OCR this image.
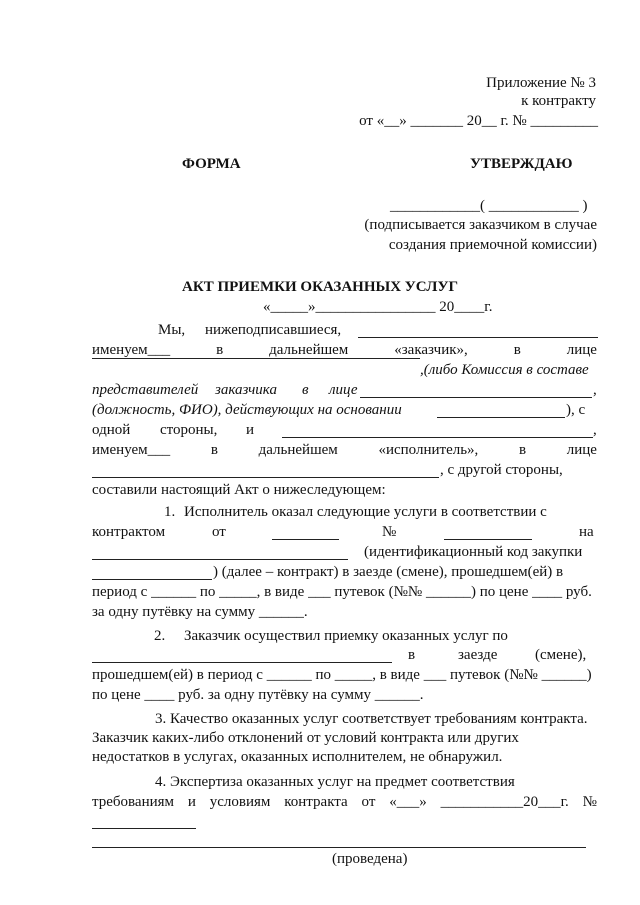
Приложение № 3
к контракту
от «__» _______ 20__ г. № _________
ФОРМА	УТВЕРЖДАЮ
____________( ____________ )
(подписывается заказчиком в случае
создания приемочной комиссии)
АКТ ПРИЕМКИ ОКАЗАННЫХ УСЛУГ
«_____»________________ 20____г.
Мы, нижеподписавшиеся,
именуем___	в	дальнейшем	«заказчик»,	в	лице
,(либо Комиссия в составе
представителей заказчика в лице	,
(должность, ФИО), действующих на основании	), с
одной стороны, и	,
именуем___	в	дальнейшем	«исполнитель»,	в	лице
, с другой стороны,
составили настоящий Акт о нижеследующем:
1. Исполнитель оказал следующие услуги в соответствии с
контрактом	от	№	на
(идентификационный код закупки
) (далее – контракт) в заезде (смене), прошедшем(ей) в
период с ______ по _____, в виде ___ путевок (№№ ______) по цене ____ руб.
за одну путёвку на сумму ______.
2. Заказчик осуществил приемку оказанных услуг по
в	заезде	(смене),
прошедшем(ей) в период с ______ по _____, в виде ___ путевок (№№ ______)
по цене ____ руб. за одну путёвку на сумму ______.
3. Качество оказанных услуг соответствует требованиям контракта.
Заказчик каких-либо отклонений от условий контракта или других
недостатков в услугах, оказанных исполнителем, не обнаружил.
4. Экспертиза оказанных услуг на предмет соответствия
требованиям и условиям контракта от «___» ___________20___г. №
(проведена)
